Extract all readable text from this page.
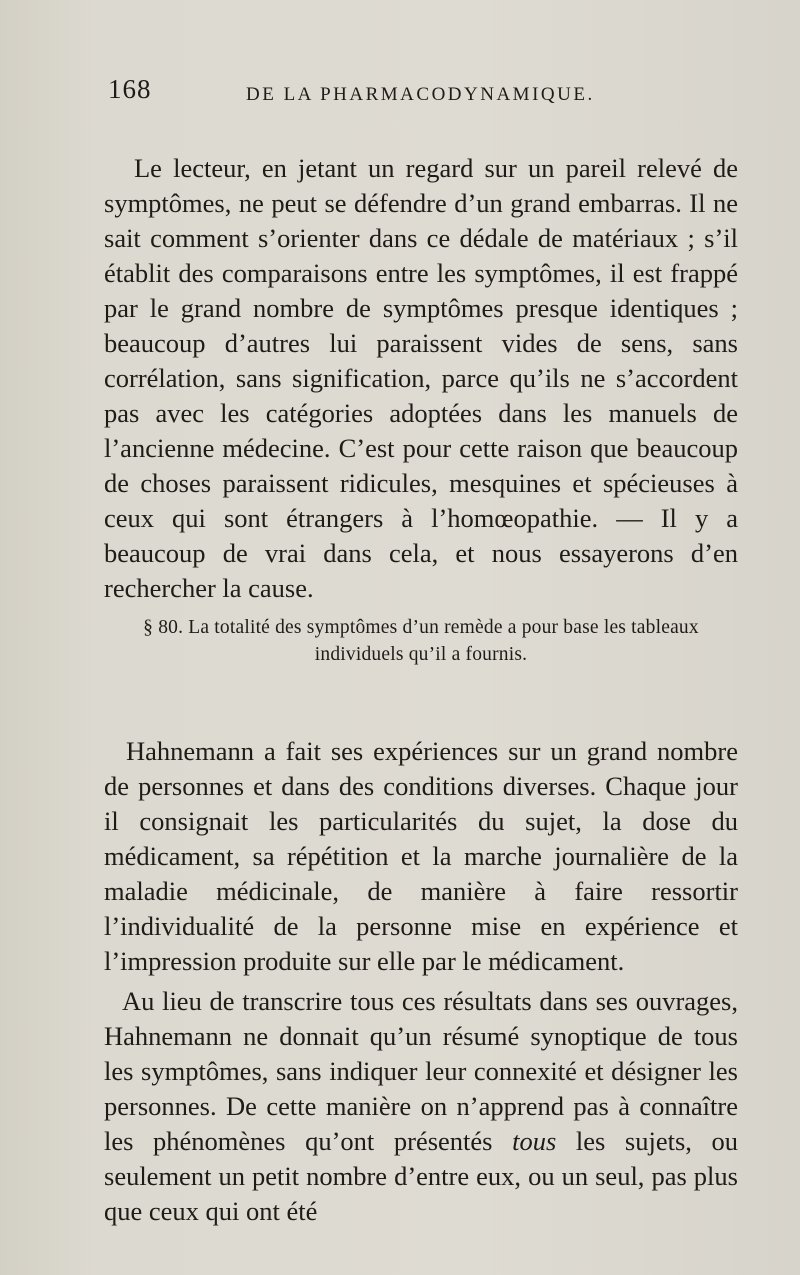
168	DE LA PHARMACODYNAMIQUE.

Le lecteur, en jetant un regard sur un pareil relevé de symptômes, ne peut se défendre d’un grand embarras. Il ne sait comment s’orienter dans ce dédale de matériaux ; s’il établit des comparaisons entre les symptômes, il est frappé par le grand nombre de symptômes presque identiques ; beaucoup d’autres lui paraissent vides de sens, sans corrélation, sans signification, parce qu’ils ne s’accordent pas avec les catégories adoptées dans les manuels de l’ancienne médecine. C’est pour cette raison que beaucoup de choses paraissent ridicules, mesquines et spécieuses à ceux qui sont étrangers à l’homœopathie. — Il y a beaucoup de vrai dans cela, et nous essayerons d’en rechercher la cause.

§ 80. La totalité des symptômes d’un remède a pour base les tableaux individuels qu’il a fournis.

Hahnemann a fait ses expériences sur un grand nombre de personnes et dans des conditions diverses. Chaque jour il consignait les particularités du sujet, la dose du médicament, sa répétition et la marche journalière de la maladie médicinale, de manière à faire ressortir l’individualité de la personne mise en expérience et l’impression produite sur elle par le médicament.

Au lieu de transcrire tous ces résultats dans ses ouvrages, Hahnemann ne donnait qu’un résumé synoptique de tous les symptômes, sans indiquer leur connexité et désigner les personnes. De cette manière on n’apprend pas à connaître les phénomènes qu’ont présentés tous les sujets, ou seulement un petit nombre d’entre eux, ou un seul, pas plus que ceux qui ont été
